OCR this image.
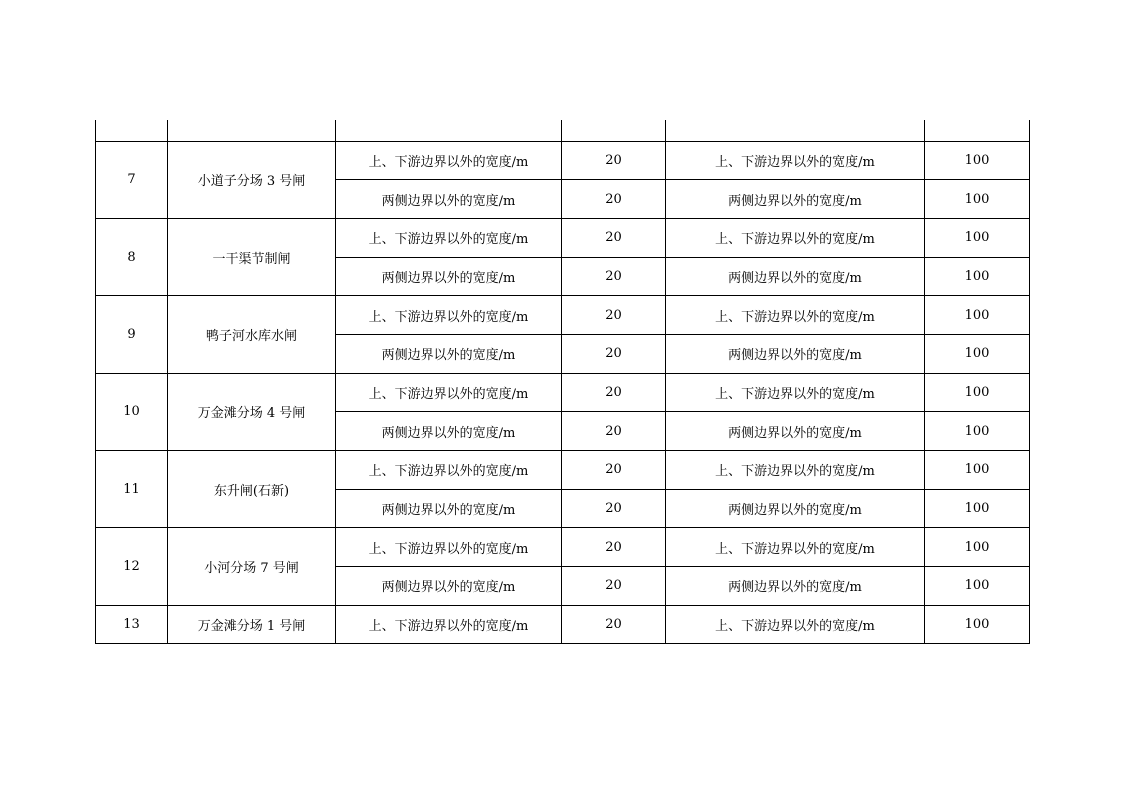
7	小道子分场 3 号闸	上、下游边界以外的宽度/m	20	上、下游边界以外的宽度/m	100
		两侧边界以外的宽度/m	20	两侧边界以外的宽度/m	100
8	一干渠节制闸	上、下游边界以外的宽度/m	20	上、下游边界以外的宽度/m	100
		两侧边界以外的宽度/m	20	两侧边界以外的宽度/m	100
9	鸭子河水库水闸	上、下游边界以外的宽度/m	20	上、下游边界以外的宽度/m	100
		两侧边界以外的宽度/m	20	两侧边界以外的宽度/m	100
10	万金滩分场 4 号闸	上、下游边界以外的宽度/m	20	上、下游边界以外的宽度/m	100
		两侧边界以外的宽度/m	20	两侧边界以外的宽度/m	100
11	东升闸(石新)	上、下游边界以外的宽度/m	20	上、下游边界以外的宽度/m	100
		两侧边界以外的宽度/m	20	两侧边界以外的宽度/m	100
12	小河分场 7 号闸	上、下游边界以外的宽度/m	20	上、下游边界以外的宽度/m	100
		两侧边界以外的宽度/m	20	两侧边界以外的宽度/m	100
13	万金滩分场 1 号闸	上、下游边界以外的宽度/m	20	上、下游边界以外的宽度/m	100
